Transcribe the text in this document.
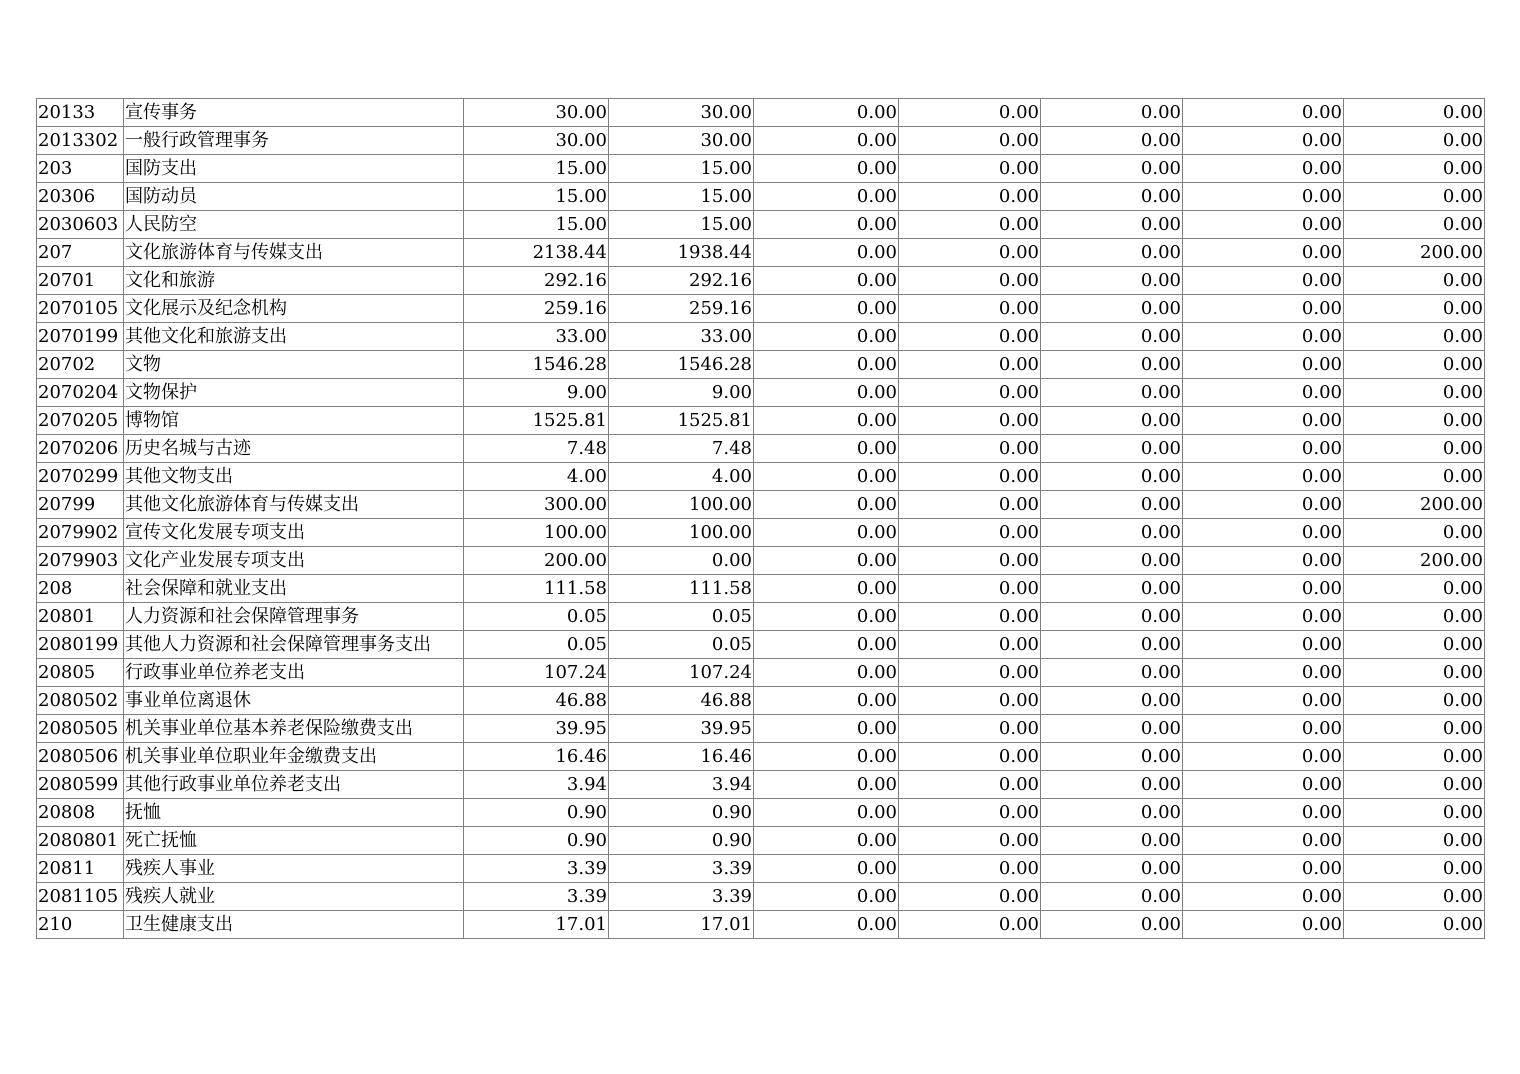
20133	宣传事务	30.00	30.00	0.00	0.00	0.00	0.00	0.00
2013302	一般行政管理事务	30.00	30.00	0.00	0.00	0.00	0.00	0.00
203	国防支出	15.00	15.00	0.00	0.00	0.00	0.00	0.00
20306	国防动员	15.00	15.00	0.00	0.00	0.00	0.00	0.00
2030603	人民防空	15.00	15.00	0.00	0.00	0.00	0.00	0.00
207	文化旅游体育与传媒支出	2138.44	1938.44	0.00	0.00	0.00	0.00	200.00
20701	文化和旅游	292.16	292.16	0.00	0.00	0.00	0.00	0.00
2070105	文化展示及纪念机构	259.16	259.16	0.00	0.00	0.00	0.00	0.00
2070199	其他文化和旅游支出	33.00	33.00	0.00	0.00	0.00	0.00	0.00
20702	文物	1546.28	1546.28	0.00	0.00	0.00	0.00	0.00
2070204	文物保护	9.00	9.00	0.00	0.00	0.00	0.00	0.00
2070205	博物馆	1525.81	1525.81	0.00	0.00	0.00	0.00	0.00
2070206	历史名城与古迹	7.48	7.48	0.00	0.00	0.00	0.00	0.00
2070299	其他文物支出	4.00	4.00	0.00	0.00	0.00	0.00	0.00
20799	其他文化旅游体育与传媒支出	300.00	100.00	0.00	0.00	0.00	0.00	200.00
2079902	宣传文化发展专项支出	100.00	100.00	0.00	0.00	0.00	0.00	0.00
2079903	文化产业发展专项支出	200.00	0.00	0.00	0.00	0.00	0.00	200.00
208	社会保障和就业支出	111.58	111.58	0.00	0.00	0.00	0.00	0.00
20801	人力资源和社会保障管理事务	0.05	0.05	0.00	0.00	0.00	0.00	0.00
2080199	其他人力资源和社会保障管理事务支出	0.05	0.05	0.00	0.00	0.00	0.00	0.00
20805	行政事业单位养老支出	107.24	107.24	0.00	0.00	0.00	0.00	0.00
2080502	事业单位离退休	46.88	46.88	0.00	0.00	0.00	0.00	0.00
2080505	机关事业单位基本养老保险缴费支出	39.95	39.95	0.00	0.00	0.00	0.00	0.00
2080506	机关事业单位职业年金缴费支出	16.46	16.46	0.00	0.00	0.00	0.00	0.00
2080599	其他行政事业单位养老支出	3.94	3.94	0.00	0.00	0.00	0.00	0.00
20808	抚恤	0.90	0.90	0.00	0.00	0.00	0.00	0.00
2080801	死亡抚恤	0.90	0.90	0.00	0.00	0.00	0.00	0.00
20811	残疾人事业	3.39	3.39	0.00	0.00	0.00	0.00	0.00
2081105	残疾人就业	3.39	3.39	0.00	0.00	0.00	0.00	0.00
210	卫生健康支出	17.01	17.01	0.00	0.00	0.00	0.00	0.00
